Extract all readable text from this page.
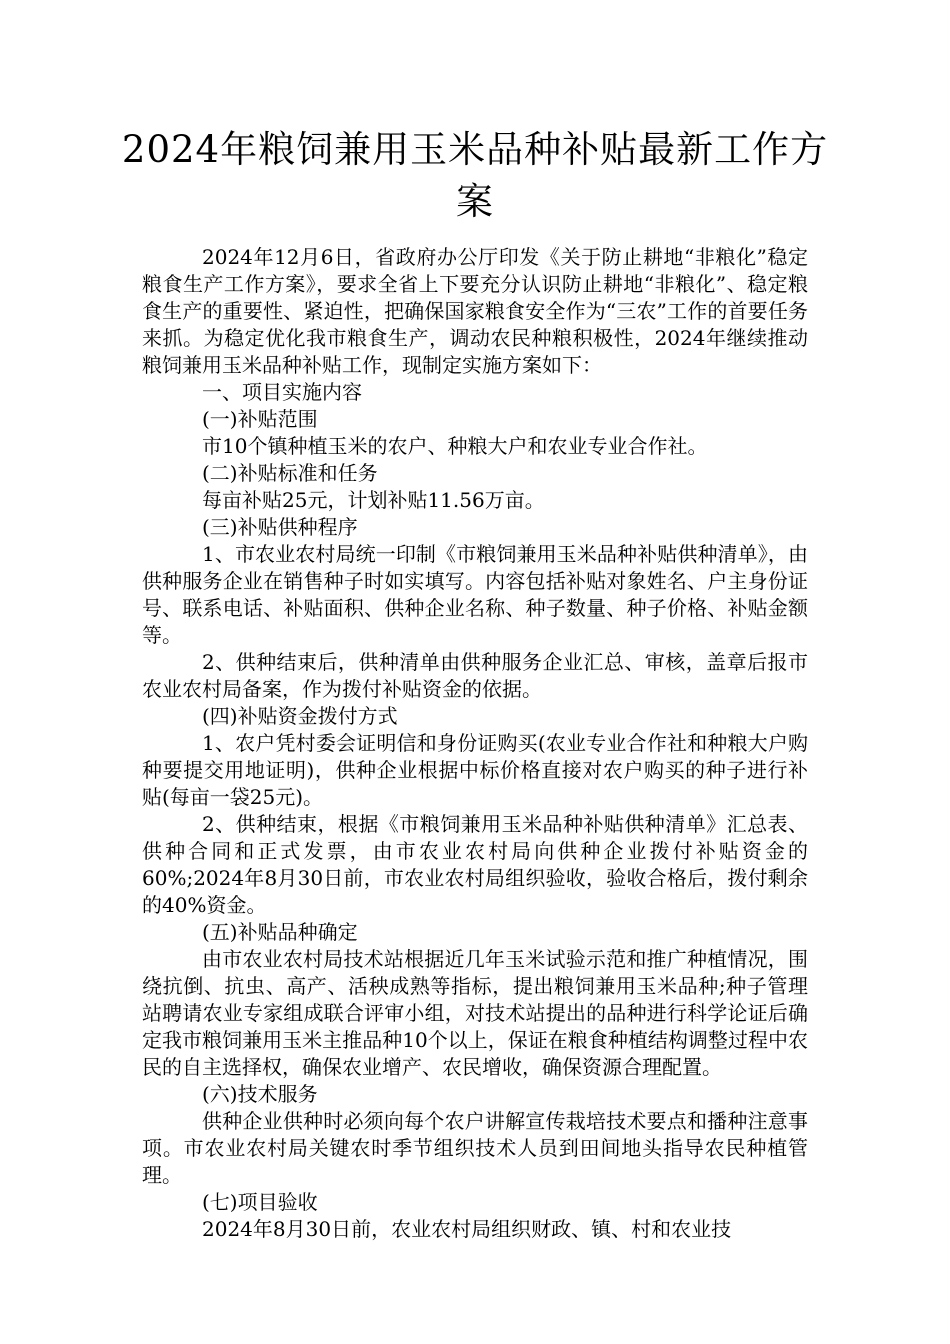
2024年粮饲兼用玉米品种补贴最新工作方案

2024年12月6日，省政府办公厅印发《关于防止耕地“非粮化”稳定粮食生产工作方案》，要求全省上下要充分认识防止耕地“非粮化”、稳定粮食生产的重要性、紧迫性，把确保国家粮食安全作为“三农”工作的首要任务来抓。为稳定优化我市粮食生产，调动农民种粮积极性，2024年继续推动粮饲兼用玉米品种补贴工作，现制定实施方案如下：

一、项目实施内容

(一)补贴范围

市10个镇种植玉米的农户、种粮大户和农业专业合作社。

(二)补贴标准和任务

每亩补贴25元，计划补贴11.56万亩。

(三)补贴供种程序

1、市农业农村局统一印制《市粮饲兼用玉米品种补贴供种清单》，由供种服务企业在销售种子时如实填写。内容包括补贴对象姓名、户主身份证号、联系电话、补贴面积、供种企业名称、种子数量、种子价格、补贴金额等。

2、供种结束后，供种清单由供种服务企业汇总、审核，盖章后报市农业农村局备案，作为拨付补贴资金的依据。

(四)补贴资金拨付方式

1、农户凭村委会证明信和身份证购买(农业专业合作社和种粮大户购种要提交用地证明)，供种企业根据中标价格直接对农户购买的种子进行补贴(每亩一袋25元)。

2、供种结束，根据《市粮饲兼用玉米品种补贴供种清单》汇总表、供种合同和正式发票，由市农业农村局向供种企业拨付补贴资金的60%;2024年8月30日前，市农业农村局组织验收，验收合格后，拨付剩余的40%资金。

(五)补贴品种确定

由市农业农村局技术站根据近几年玉米试验示范和推广种植情况，围绕抗倒、抗虫、高产、活秧成熟等指标，提出粮饲兼用玉米品种;种子管理站聘请农业专家组成联合评审小组，对技术站提出的品种进行科学论证后确定我市粮饲兼用玉米主推品种10个以上，保证在粮食种植结构调整过程中农民的自主选择权，确保农业增产、农民增收，确保资源合理配置。

(六)技术服务

供种企业供种时必须向每个农户讲解宣传栽培技术要点和播种注意事项。市农业农村局关键农时季节组织技术人员到田间地头指导农民种植管理。

(七)项目验收

2024年8月30日前，农业农村局组织财政、镇、村和农业技
